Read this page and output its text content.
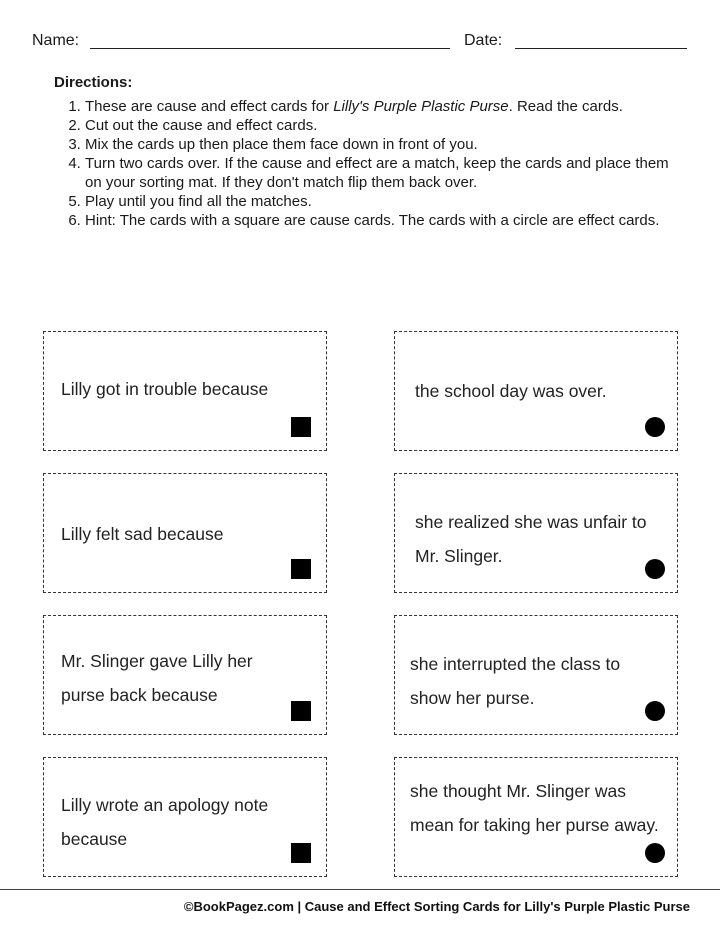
Name:	Date:
Directions:
1. These are cause and effect cards for Lilly's Purple Plastic Purse. Read the cards.
2. Cut out the cause and effect cards.
3. Mix the cards up then place them face down in front of you.
4. Turn two cards over. If the cause and effect are a match, keep the cards and place them on your sorting mat. If they don't match flip them back over.
5. Play until you find all the matches.
6. Hint: The cards with a square are cause cards. The cards with a circle are effect cards.
Lilly got in trouble because
Lilly felt sad because
Mr. Slinger gave Lilly her purse back because
Lilly wrote an apology note because
the school day was over.
she realized she was unfair to Mr. Slinger.
she interrupted the class to show her purse.
she thought Mr. Slinger was mean for taking her purse away.
©BookPagez.com | Cause and Effect Sorting Cards for Lilly's Purple Plastic Purse
